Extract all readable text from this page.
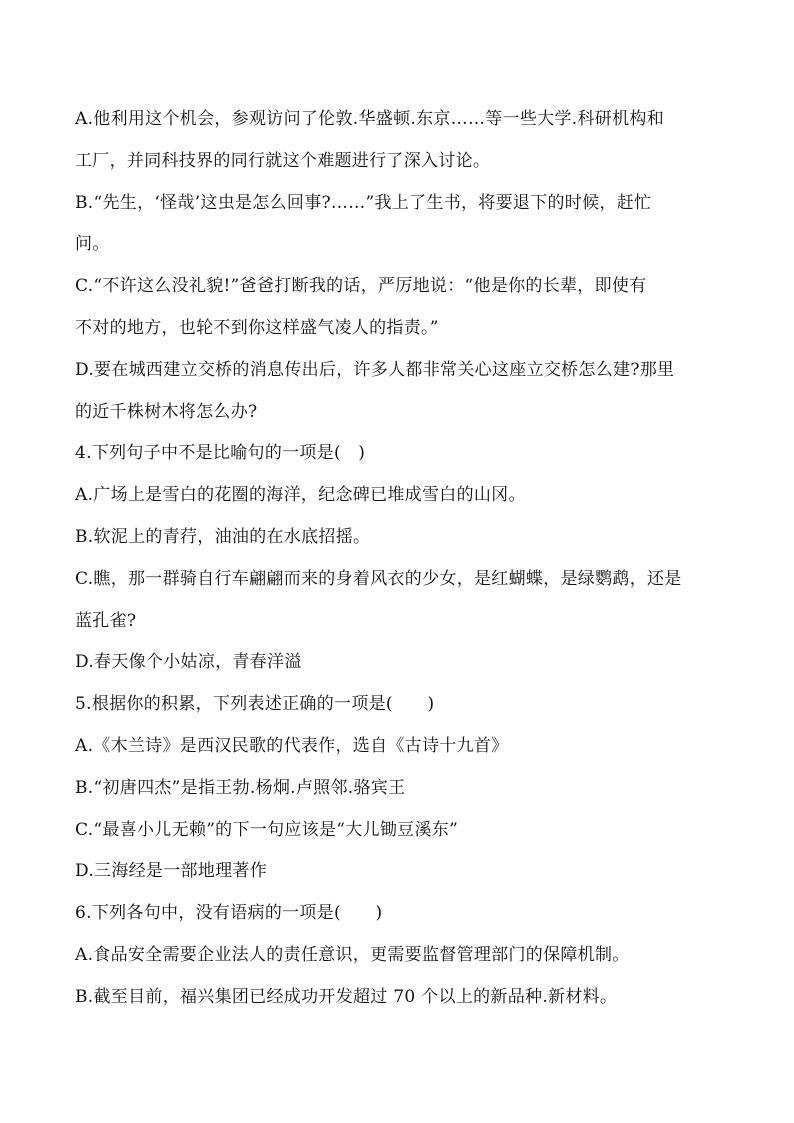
A.他利用这个机会，参观访问了伦敦.华盛顿.东京……等一些大学.科研机构和
工厂，并同科技界的同行就这个难题进行了深入讨论。
B.“先生，‘怪哉’这虫是怎么回事?……”我上了生书，将要退下的时候，赶忙
问。
C.“不许这么没礼貌!”爸爸打断我的话，严厉地说：“他是你的长辈，即使有
不对的地方，也轮不到你这样盛气凌人的指责。”
D.要在城西建立交桥的消息传出后，许多人都非常关心这座立交桥怎么建?那里
的近千株树木将怎么办?
4.下列句子中不是比喻句的一项是(　)
A.广场上是雪白的花圈的海洋，纪念碑已堆成雪白的山冈。
B.软泥上的青荇，油油的在水底招摇。
C.瞧，那一群骑自行车翩翩而来的身着风衣的少女，是红蝴蝶，是绿鹦鹉，还是
蓝孔雀?
D.春天像个小姑凉，青春洋溢
5.根据你的积累，下列表述正确的一项是(　　)
A.《木兰诗》是西汉民歌的代表作，选自《古诗十九首》
B.“初唐四杰”是指王勃.杨炯.卢照邻.骆宾王
C.“最喜小儿无赖”的下一句应该是“大儿锄豆溪东”
D.三海经是一部地理著作
6.下列各句中，没有语病的一项是(　　)
A.食品安全需要企业法人的责任意识，更需要监督管理部门的保障机制。
B.截至目前，福兴集团已经成功开发超过 70 个以上的新品种.新材料。
